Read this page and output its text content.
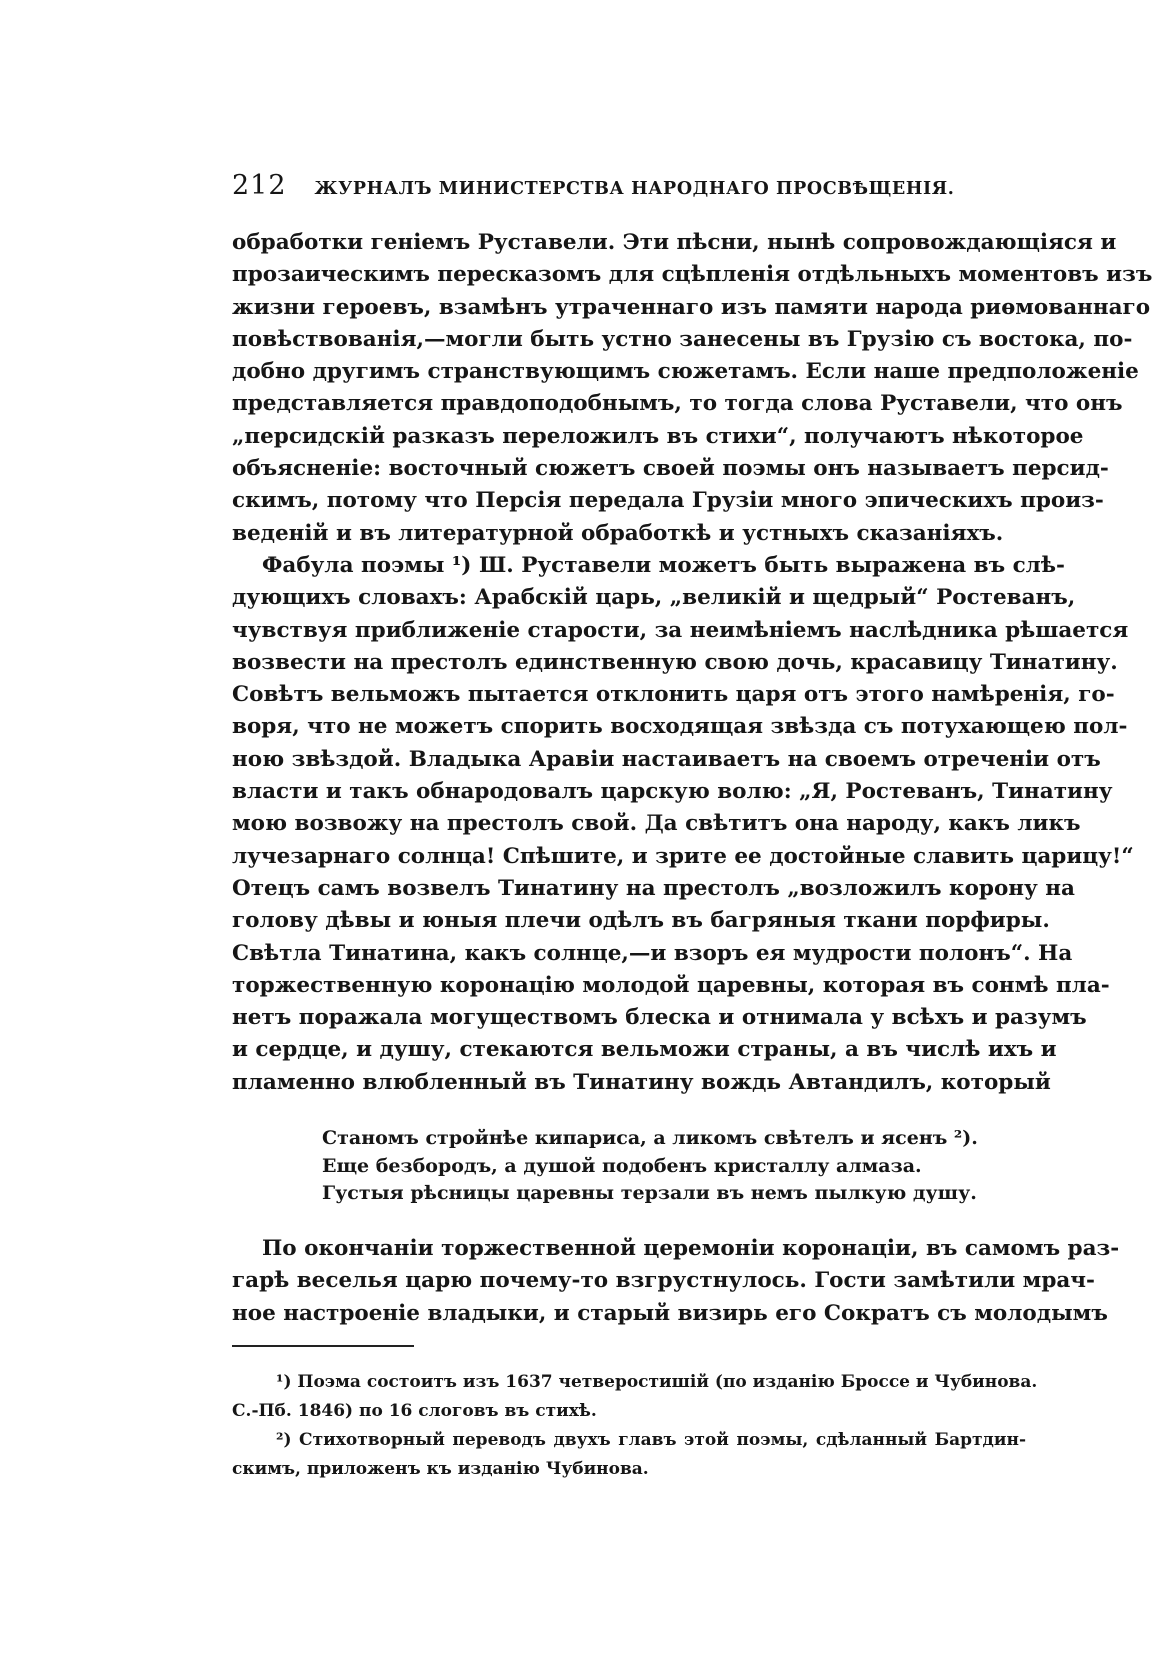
212 ЖУРНАЛЪ МИНИСТЕРСТВА НАРОДНАГО ПРОСВѢЩЕНІЯ.
обработки геніемъ Руставели. Эти пѣсни, нынѣ сопровождающіяся и
прозаическимъ пересказомъ для сцѣпленія отдѣльныхъ моментовъ изъ
жизни героевъ, взамѣнъ утраченнаго изъ памяти народа риѳмованнаго
повѣствованія,—могли быть устно занесены въ Грузію съ востока, по-
добно другимъ странствующимъ сюжетамъ. Если наше предположеніе
представляется правдоподобнымъ, то тогда слова Руставели, что онъ
„персидскій разказъ переложилъ въ стихи“, получаютъ нѣкоторое
объясненіе: восточный сюжетъ своей поэмы онъ называетъ персид-
скимъ, потому что Персія передала Грузіи много эпическихъ произ-
веденій и въ литературной обработкѣ и устныхъ сказаніяхъ.
Фабула поэмы ¹) Ш. Руставели можетъ быть выражена въ слѣ-
дующихъ словахъ: Арабскій царь, „великій и щедрый“ Ростеванъ,
чувствуя приближеніе старости, за неимѣніемъ наслѣдника рѣшается
возвести на престолъ единственную свою дочь, красавицу Тинатину.
Совѣтъ вельможъ пытается отклонить царя отъ этого намѣренія, го-
воря, что не можетъ спорить восходящая звѣзда съ потухающею пол-
ною звѣздой. Владыка Аравіи настаиваетъ на своемъ отреченіи отъ
власти и такъ обнародовалъ царскую волю: „Я, Ростеванъ, Тинатину
мою возвожу на престолъ свой. Да свѣтитъ она народу, какъ ликъ
лучезарнаго солнца! Спѣшите, и зрите ее достойные славить царицу!“
Отецъ самъ возвелъ Тинатину на престолъ „возложилъ корону на
голову дѣвы и юныя плечи одѣлъ въ багряныя ткани порфиры.
Свѣтла Тинатина, какъ солнце,—и взоръ ея мудрости полонъ“. На
торжественную коронацію молодой царевны, которая въ сонмѣ пла-
нетъ поражала могуществомъ блеска и отнимала у всѣхъ и разумъ
и сердце, и душу, стекаются вельможи страны, а въ числѣ ихъ и
пламенно влюбленный въ Тинатину вождь Автандилъ, который
Станомъ стройнѣе кипариса, а ликомъ свѣтелъ и ясенъ ²).
Еще безбородъ, а душой подобенъ кристаллу алмаза.
Густыя рѣсницы царевны терзали въ немъ пылкую душу.
По окончаніи торжественной церемоніи коронаціи, въ самомъ раз-
гарѣ веселья царю почему-то взгрустнулось. Гости замѣтили мрач-
ное настроеніе владыки, и старый визирь его Сократъ съ молодымъ
¹) Поэма состоитъ изъ 1637 четверостишій (по изданію Броссе и Чубинова.
С.-Пб. 1846) по 16 слоговъ въ стихѣ.
²) Стихотворный переводъ двухъ главъ этой поэмы, сдѣланный Бартдин-
скимъ, приложенъ къ изданію Чубинова.
